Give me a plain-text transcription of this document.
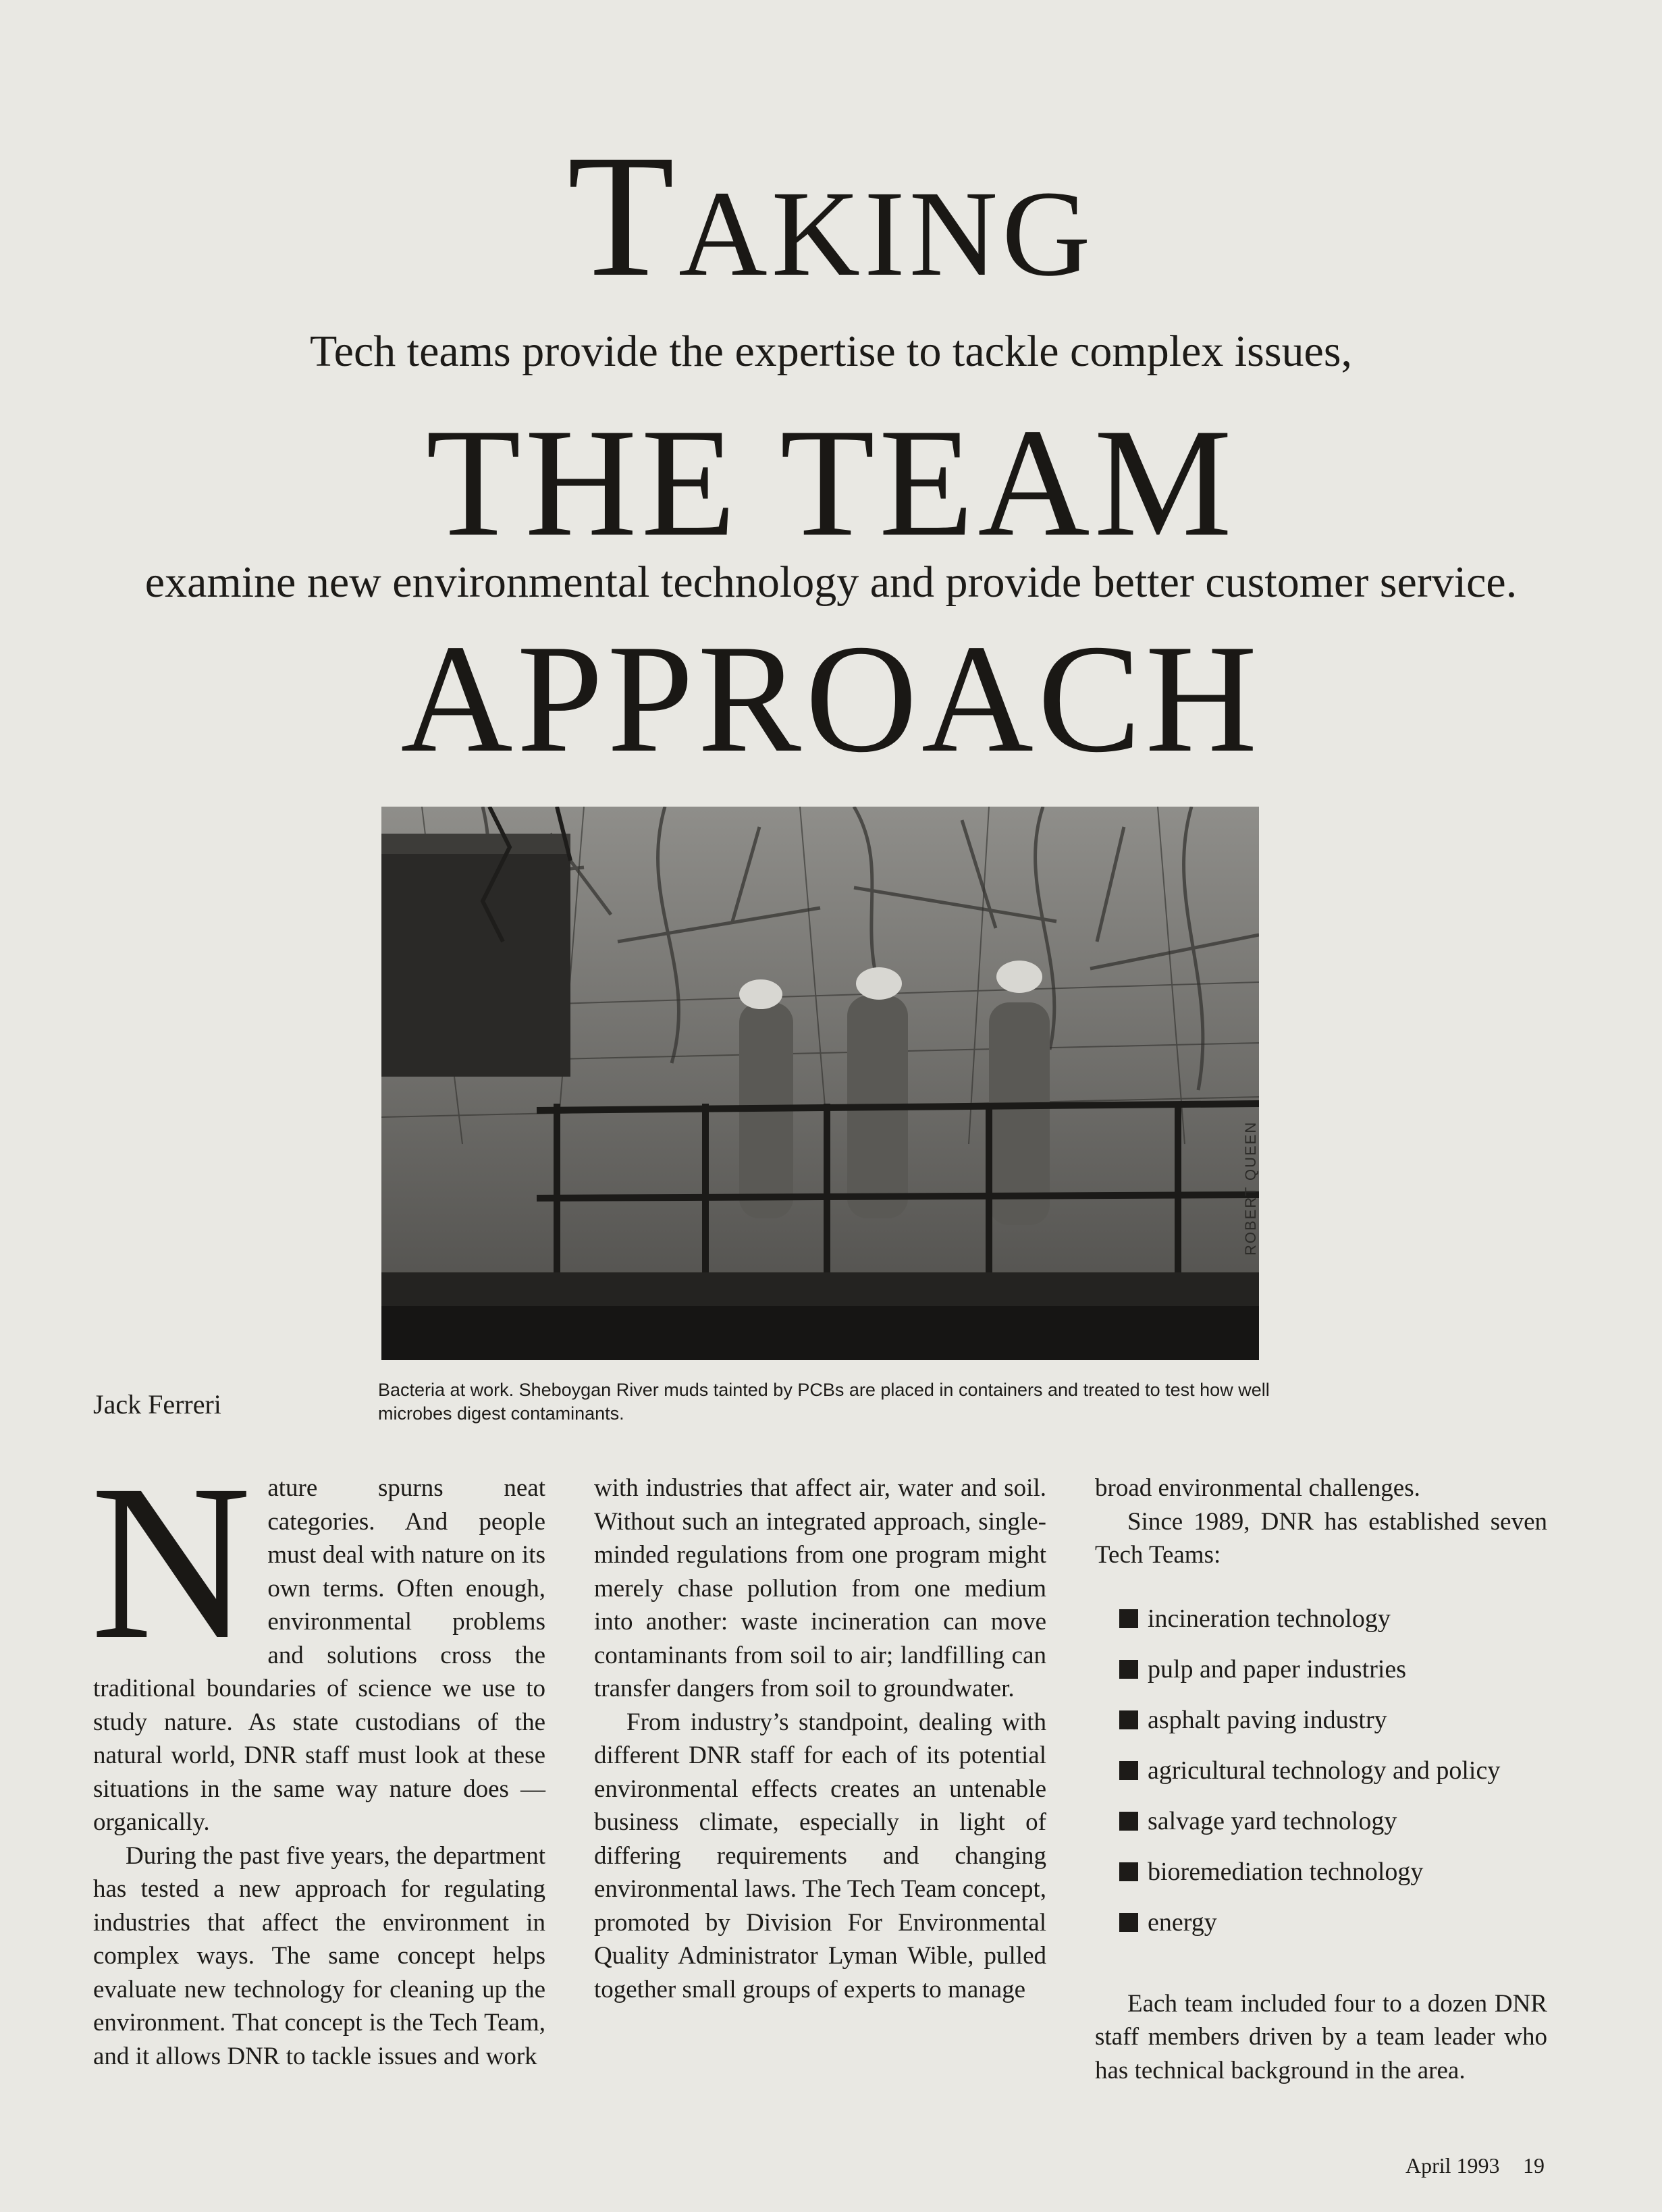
Taking
Tech teams provide the expertise to tackle complex issues,
THE TEAM
examine new environmental technology and provide better customer service.
APPROACH
ROBERT QUEEN
Bacteria at work. Sheboygan River muds tainted by PCBs are placed in containers and treated to test how well microbes digest contaminants.
Jack Ferreri

N ature spurns neat categories. And people must deal with nature on its own terms. Often enough, environmental problems and solutions cross the traditional boundaries of science we use to study nature. As state custodians of the natural world, DNR staff must look at these situations in the same way nature does — organically.

During the past five years, the department has tested a new approach for regulating industries that affect the environment in complex ways. The same concept helps evaluate new technology for cleaning up the environment. That concept is the Tech Team, and it allows DNR to tackle issues and work

with industries that affect air, water and soil. Without such an integrated approach, single-minded regulations from one program might merely chase pollution from one medium into another: waste incineration can move contaminants from soil to air; landfilling can transfer dangers from soil to groundwater.

From industry’s standpoint, dealing with different DNR staff for each of its potential environmental effects creates an untenable business climate, especially in light of differing requirements and changing environmental laws. The Tech Team concept, promoted by Division For Environmental Quality Administrator Lyman Wible, pulled together small groups of experts to manage

broad environmental challenges.

Since 1989, DNR has established seven Tech Teams:

incineration technology
pulp and paper industries
asphalt paving industry
agricultural technology and policy
salvage yard technology
bioremediation technology
energy

Each team included four to a dozen DNR staff members driven by a team leader who has technical background in the area.

April 1993 19
